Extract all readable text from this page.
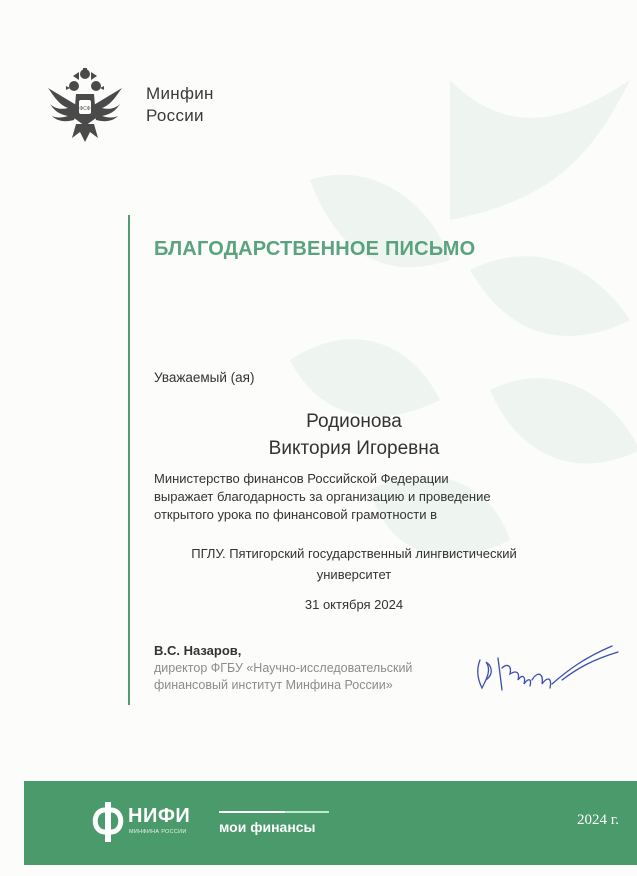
ФСФ
Минфин
России
БЛАГОДАРСТВЕННОЕ ПИСЬМО
Уважаемый (ая)
Родионова
Виктория Игоревна
Министерство финансов Российской Федерации
выражает благодарность за организацию и проведение
открытого урока по финансовой грамотности в
ПГЛУ. Пятигорский государственный лингвистический
университет
31 октября 2024
В.С. Назаров,
директор ФГБУ «Научно-исследовательский
финансовый институт Минфина России»
НИФИ
МИНФИНА РОССИИ мои финансы	2024 г.
